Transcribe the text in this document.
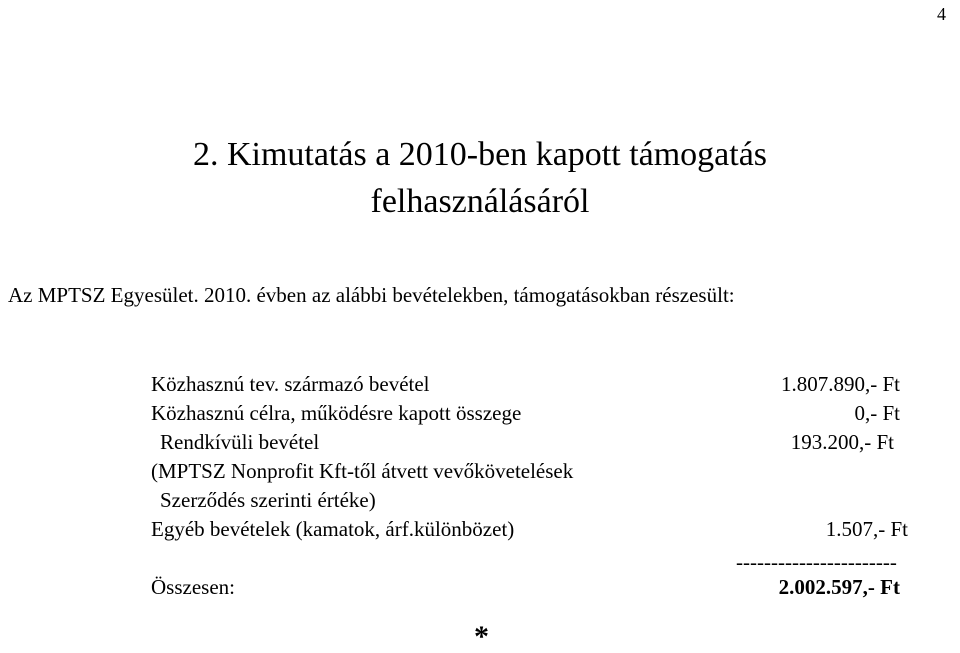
4
2. Kimutatás a 2010-ben kapott támogatás
felhasználásáról
Az MPTSZ Egyesület. 2010. évben az alábbi bevételekben, támogatásokban részesült:
Közhasznú tev. származó bevétel	1.807.890,- Ft
Közhasznú célra, működésre kapott összege	0,- Ft
Rendkívüli bevétel	193.200,- Ft
(MPTSZ Nonprofit Kft-től átvett vevőkövetelések
Szerződés szerinti értéke)
Egyéb bevételek (kamatok, árf.különbözet)	1.507,- Ft
-----------------------
Összesen:	2.002.597,- Ft
*
